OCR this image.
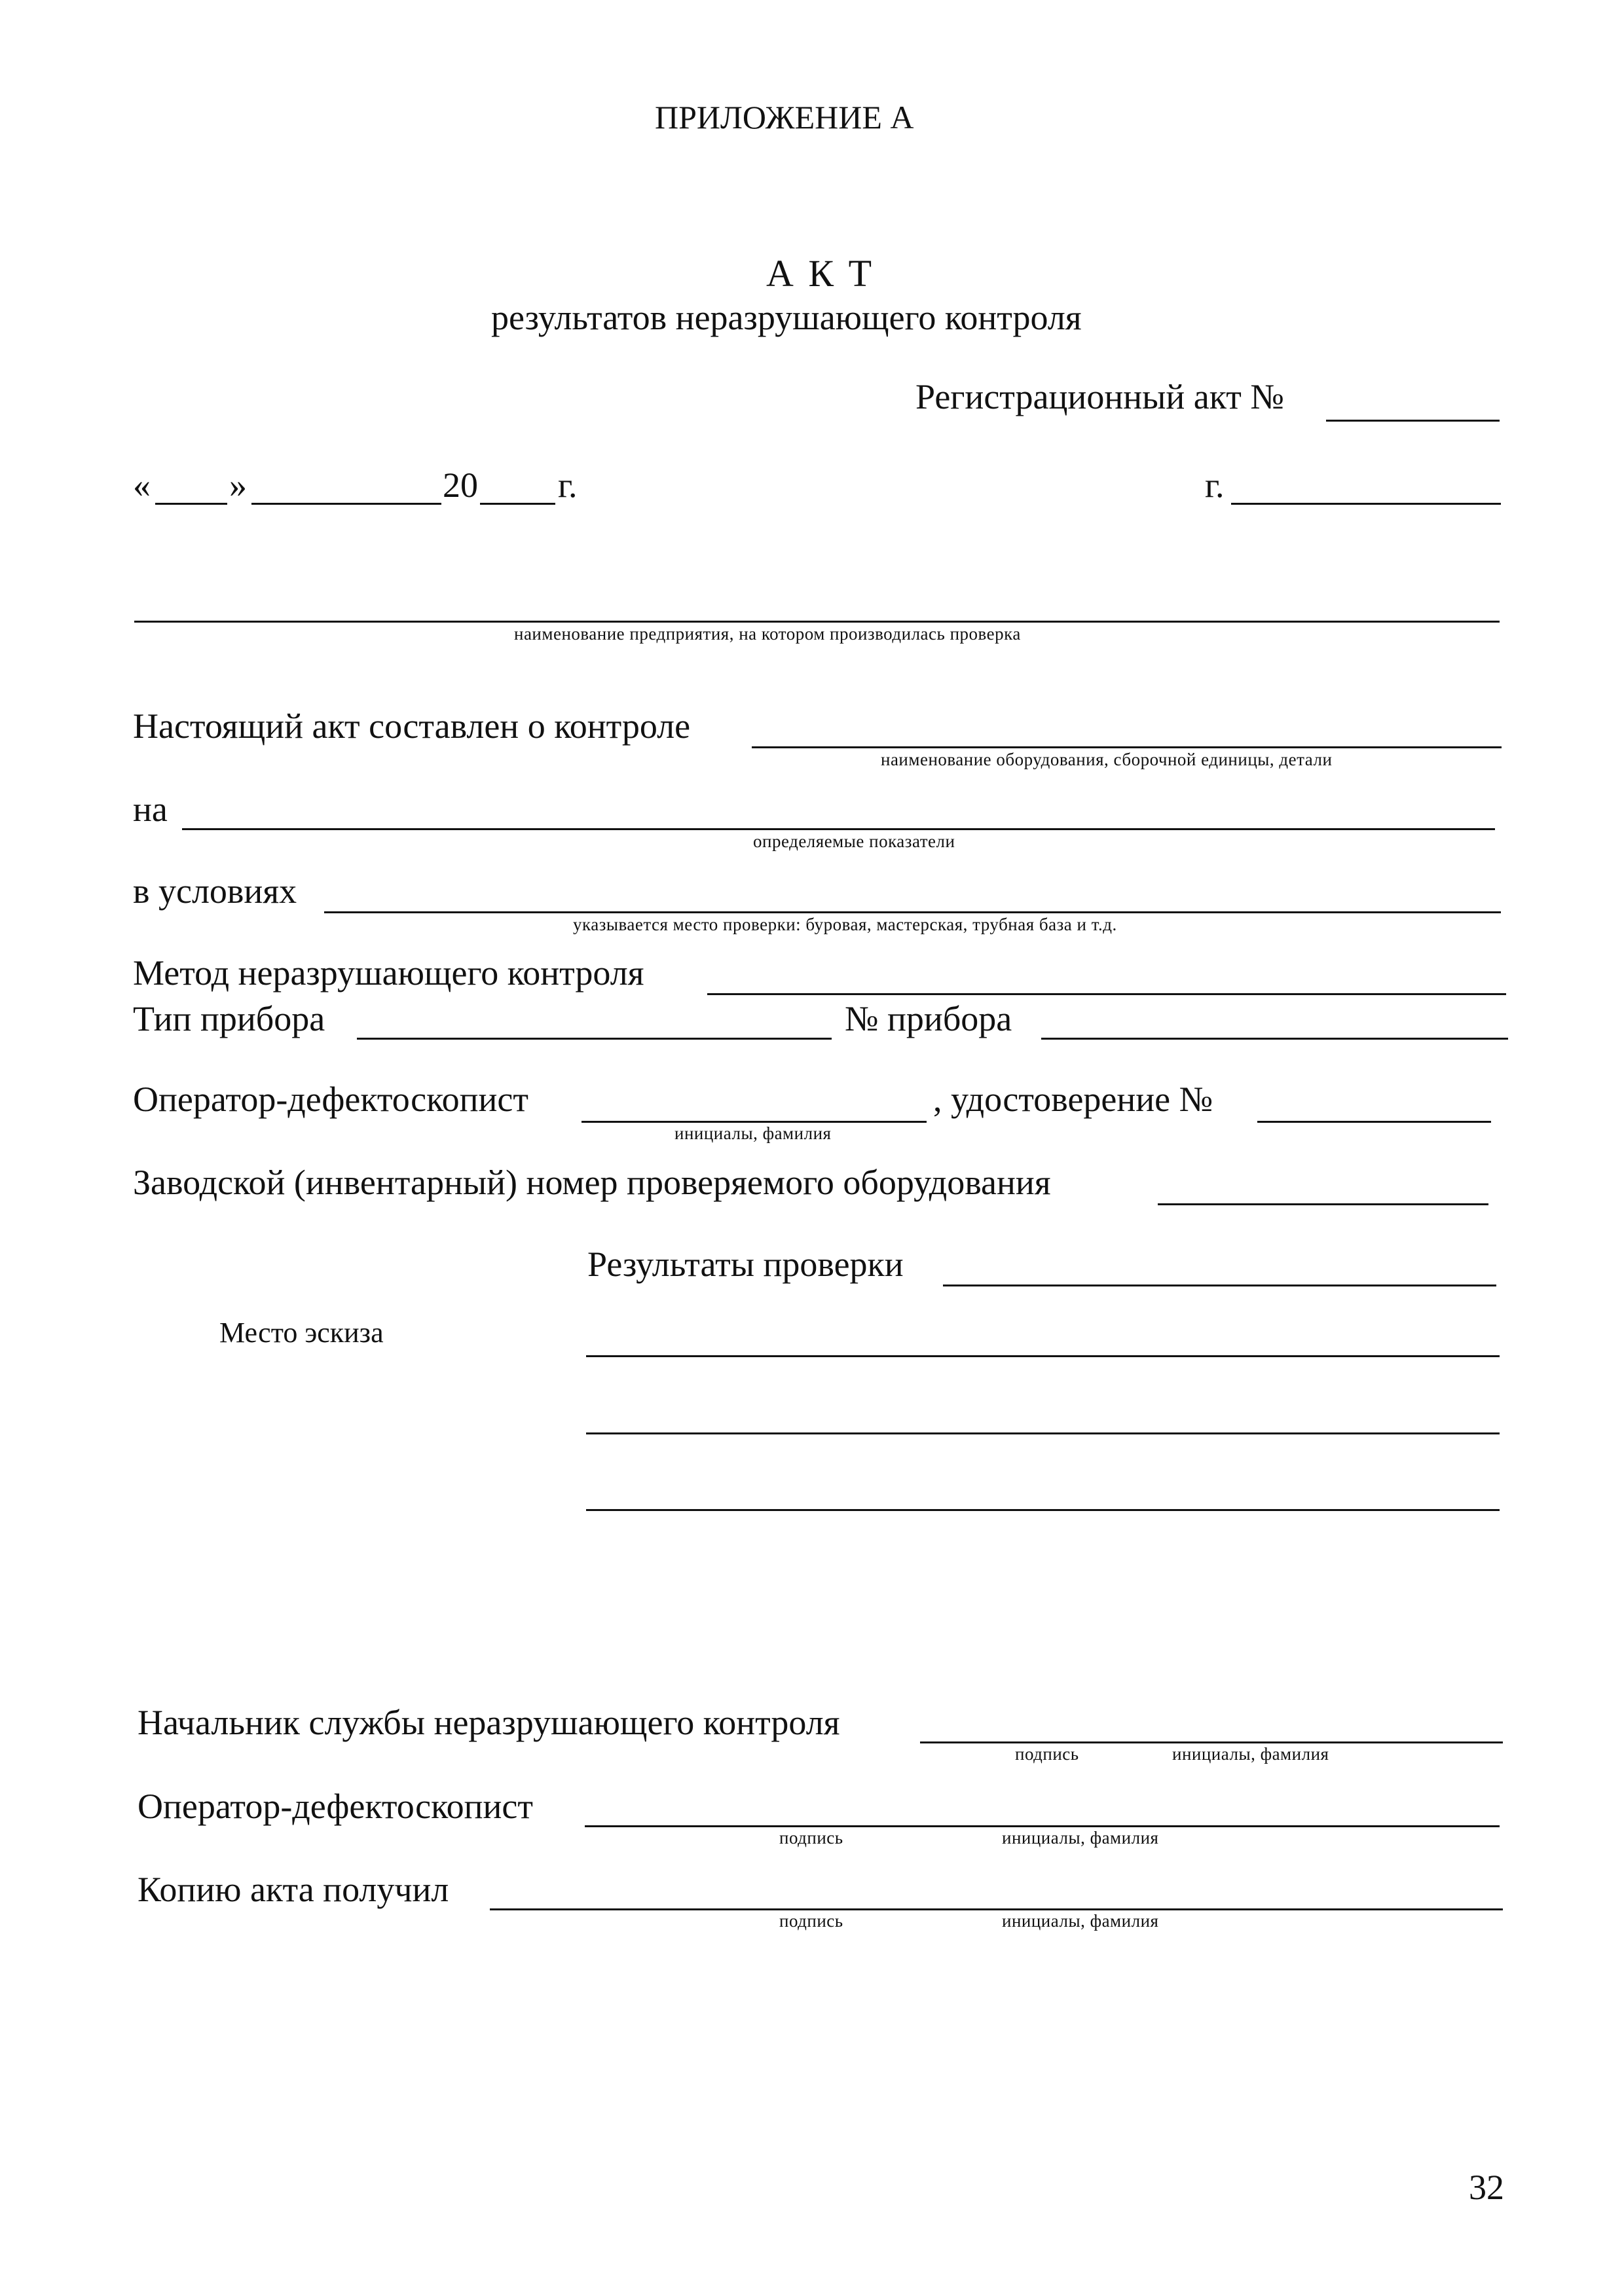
ПРИЛОЖЕНИЕ А
А К Т
результатов неразрушающего контроля
Регистрационный акт №
« »	20 г.	г.
наименование предприятия, на котором производилась проверка
Настоящий акт составлен о контроле
наименование оборудования, сборочной единицы, детали
на
определяемые показатели
в условиях
указывается место проверки: буровая, мастерская, трубная база и т.д.
Метод неразрушающего контроля
Тип прибора	№ прибора
Оператор-дефектоскопист
инициалы, фамилия
, удостоверение №
Заводской (инвентарный) номер проверяемого оборудования
Результаты проверки
Место эскиза
Начальник службы неразрушающего контроля
подпись	инициалы, фамилия
Оператор-дефектоскопист
подпись	инициалы, фамилия
Копию акта получил
подпись	инициалы, фамилия
32
